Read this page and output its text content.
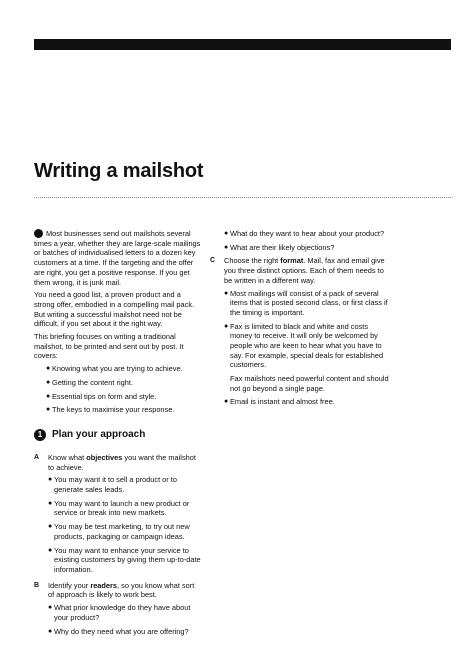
Writing a mailshot

Most businesses send out mailshots several times a year, whether they are large-scale mailings or batches of individualised letters to a dozen key customers at a time. If the targeting and the offer are right, you get a positive response. If you get them wrong, it is junk mail.

You need a good list, a proven product and a strong offer, embodied in a compelling mail pack. But writing a successful mailshot need not be difficult, if you set about it the right way.

This briefing focuses on writing a traditional mailshot, to be printed and sent out by post. It covers:

● Knowing what you are trying to achieve.
● Getting the content right.
● Essential tips on form and style.
● The keys to maximise your response.
1 Plan your approach
A Know what objectives you want the mailshot to achieve.
● You may want it to sell a product or to generate sales leads.
● You may want to launch a new product or service or break into new markets.
● You may be test marketing, to try out new products, packaging or campaign ideas.
● You may want to enhance your service to existing customers by giving them up-to-date information.
B Identify your readers, so you know what sort of approach is likely to work best.
● What prior knowledge do they have about your product?
● Why do they need what you are offering?
● What do they want to hear about your product?
● What are their likely objections?
C Choose the right format. Mail, fax and email give you three distinct options. Each of them needs to be written in a different way.
● Most mailings will consist of a pack of several items that is posted second class, or first class if the timing is important.
● Fax is limited to black and white and costs money to receive. It will only be welcomed by people who are keen to hear what you have to say. For example, special deals for established customers.

Fax mailshots need powerful content and should not go beyond a single page.

● Email is instant and almost free.
